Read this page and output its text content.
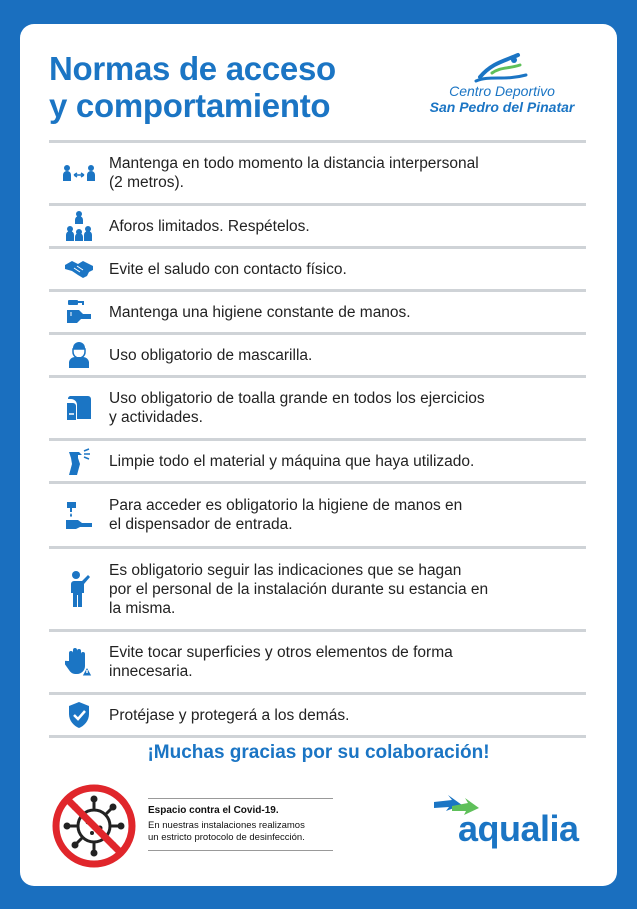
Normas de acceso
y comportamiento	Centro Deportivo
San Pedro del Pinatar
Mantenga en todo momento la distancia interpersonal
(2 metros).
Aforos limitados. Respételos.
Evite el saludo con contacto físico.
Mantenga una higiene constante de manos.
Uso obligatorio de mascarilla.
Uso obligatorio de toalla grande en todos los ejercicios
y actividades.
Limpie todo el material y máquina que haya utilizado.
Para acceder es obligatorio la higiene de manos en
el dispensador de entrada.
Es obligatorio seguir las indicaciones que se hagan
por el personal de la instalación durante su estancia en
la misma.
Evite tocar superficies y otros elementos de forma
innecesaria.
Protéjase y protegerá a los demás.
¡Muchas gracias por su colaboración!
Espacio contra el Covid-19.
En nuestras instalaciones realizamos
un estricto protocolo de desinfección.	aqualia
